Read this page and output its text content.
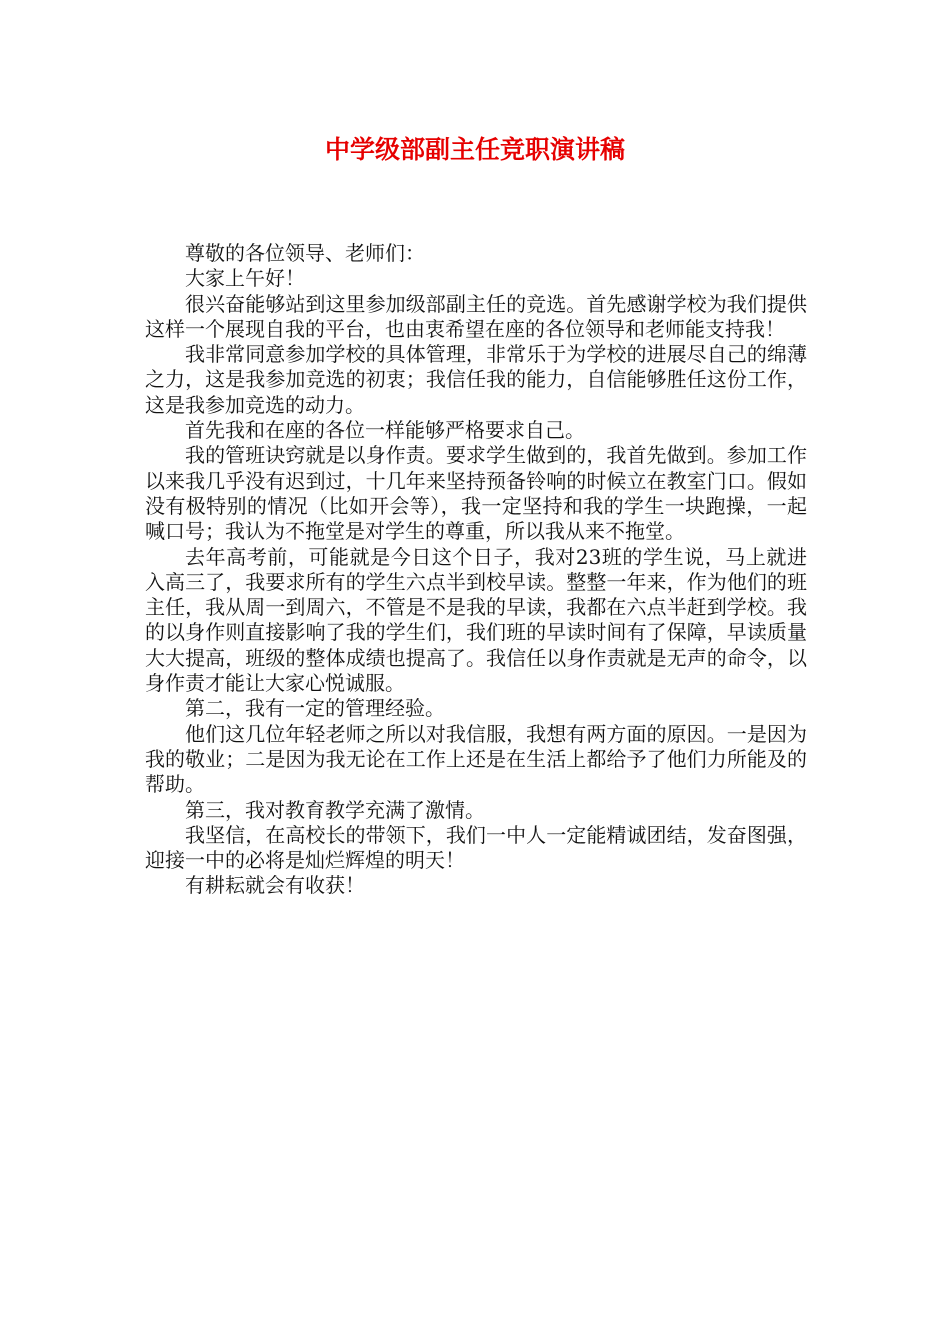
中学级部副主任竞职演讲稿

尊敬的各位领导、老师们：

大家上午好！

很兴奋能够站到这里参加级部副主任的竞选。首先感谢学校为我们提供这样一个展现自我的平台，也由衷希望在座的各位领导和老师能支持我！

我非常同意参加学校的具体管理，非常乐于为学校的进展尽自己的绵薄之力，这是我参加竞选的初衷；我信任我的能力，自信能够胜任这份工作，这是我参加竞选的动力。

首先我和在座的各位一样能够严格要求自己。

我的管班诀窍就是以身作责。要求学生做到的，我首先做到。参加工作以来我几乎没有迟到过，十几年来坚持预备铃响的时候立在教室门口。假如没有极特别的情况（比如开会等），我一定坚持和我的学生一块跑操，一起喊口号；我认为不拖堂是对学生的尊重，所以我从来不拖堂。

去年高考前，可能就是今日这个日子，我对23班的学生说，马上就进入高三了，我要求所有的学生六点半到校早读。整整一年来，作为他们的班主任，我从周一到周六，不管是不是我的早读，我都在六点半赶到学校。我的以身作则直接影响了我的学生们，我们班的早读时间有了保障，早读质量大大提高，班级的整体成绩也提高了。我信任以身作责就是无声的命令，以身作责才能让大家心悦诚服。

第二，我有一定的管理经验。

他们这几位年轻老师之所以对我信服，我想有两方面的原因。一是因为我的敬业；二是因为我无论在工作上还是在生活上都给予了他们力所能及的帮助。

第三，我对教育教学充满了激情。

我坚信，在高校长的带领下，我们一中人一定能精诚团结，发奋图强，迎接一中的必将是灿烂辉煌的明天！

有耕耘就会有收获！
